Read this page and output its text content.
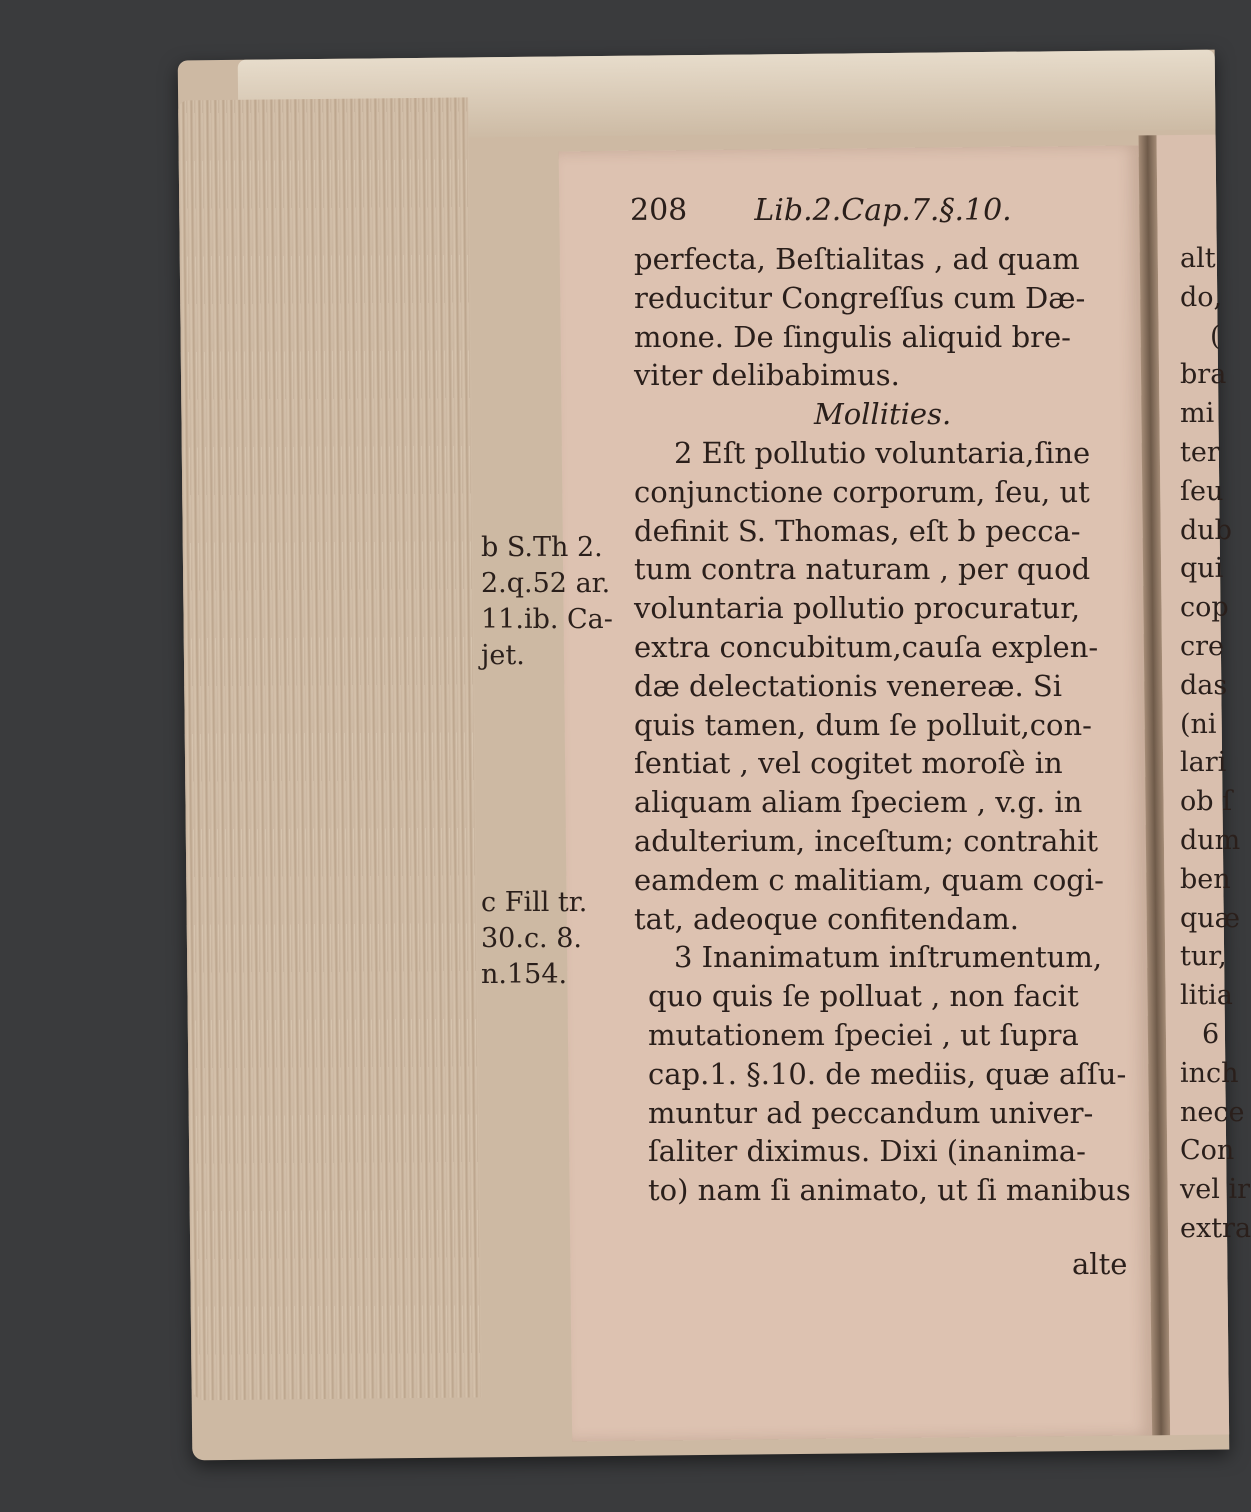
208 Lib.2.Cap.7.§.10.
perfecta, Beſtialitas , ad quam
reducitur Congreſſus cum Dæ-
mone. De ſingulis aliquid bre-
viter delibabimus.
Mollities.
2 Eſt pollutio voluntaria,ſine
conjunctione corporum, ſeu, ut
definit S. Thomas, eſt b pecca-
tum contra naturam , per quod
voluntaria pollutio procuratur,
extra concubitum,cauſa explen-
dæ delectationis venereæ. Si
quis tamen, dum ſe polluit,con-
ſentiat , vel cogitet moroſè in
aliquam aliam ſpeciem , v.g. in
adulterium, inceſtum; contrahit
eamdem c malitiam, quam cogi-
tat, adeoque confitendam.
3 Inanimatum inſtrumentum,
quo quis ſe polluat , non facit
mutationem ſpeciei , ut ſupra
cap.1. §.10. de mediis, quæ aſſu-
muntur ad peccandum univer-
ſaliter diximus. Dixi (inanima-
to) nam ſi animato, ut ſi manibus
alte
b S.Th 2.
2.q.52 ar.
11.ib. Ca-
jet.
c Fill tr.
30.c. 8.
n.154.
alt
do,
(
bra
mi
ter
ſeu
dub
qui
cop
cre
das
(ni
lari
ob ſ
dum
ben
quæ
tur,
litia
6
inch
nece
Con
vel ir
extra
